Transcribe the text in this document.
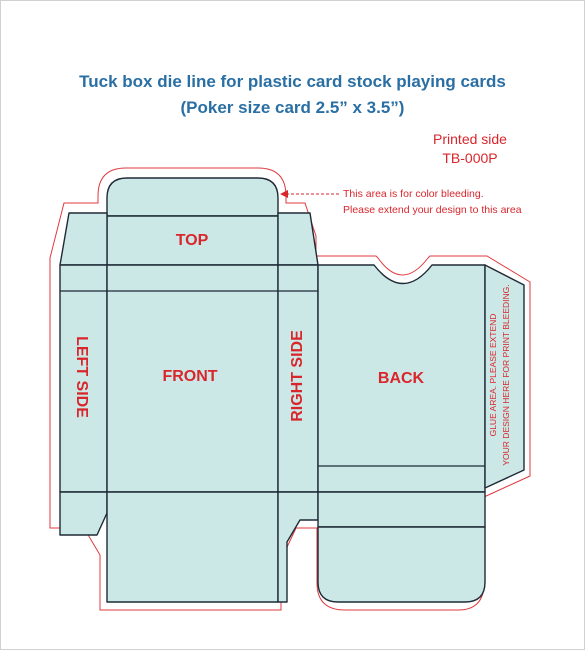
Tuck box die line for plastic card stock playing cards
(Poker size card 2.5” x 3.5”)
Printed side
TB-000P
This area is for color bleeding.
Please extend your design to this area
TOP
FRONT	BACK
LEFT SIDE	RIGHT SIDE	GLUE AREA. PLEASE EXTEND YOUR DESIGN HERE FOR PRINT BLEEDING.
